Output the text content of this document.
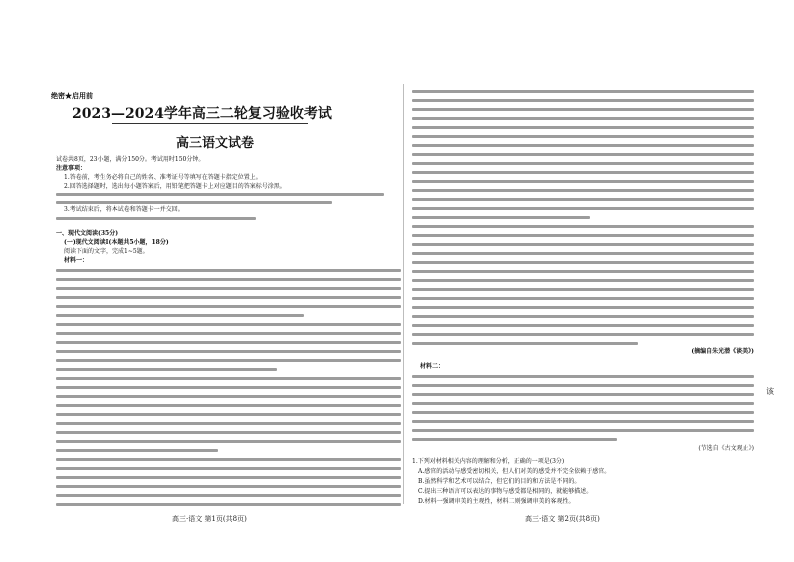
绝密★启用前
2023—2024学年高三二轮复习验收考试
高三语文试卷
试卷共8页，23小题，满分150分。考试用时150分钟。
注意事项：
1.答卷前，考生务必将自己的姓名、准考证号等填写在答题卡指定位置上。
2.回答选择题时，选出每小题答案后，用铅笔把答题卡上对应题目的答案标号涂黑。
3.考试结束后，将本试卷和答题卡一并交回。
一、现代文阅读(35分)
(一)现代文阅读Ⅰ(本题共5小题，18分)
阅读下面的文字，完成1~5题。
材料一：
高三·语文 第1页(共8页)
(摘编自朱光潜《谈美》)
材料二：
(节选自《古文观止》)
1.下列对材料相关内容的理解和分析，正确的一项是(3分)
A.感官的活动与感受密切相关，但人们对美的感受并不完全依赖于感官。
B.虽然科学和艺术可以结合，但它们的目的和方法是不同的。
C.提出三种语言可以表达的事物与感受都是相同的，就能够描述。
D.材料一强调审美的主观性，材料二则强调审美的客观性。
高三·语文 第2页(共8页)
该
